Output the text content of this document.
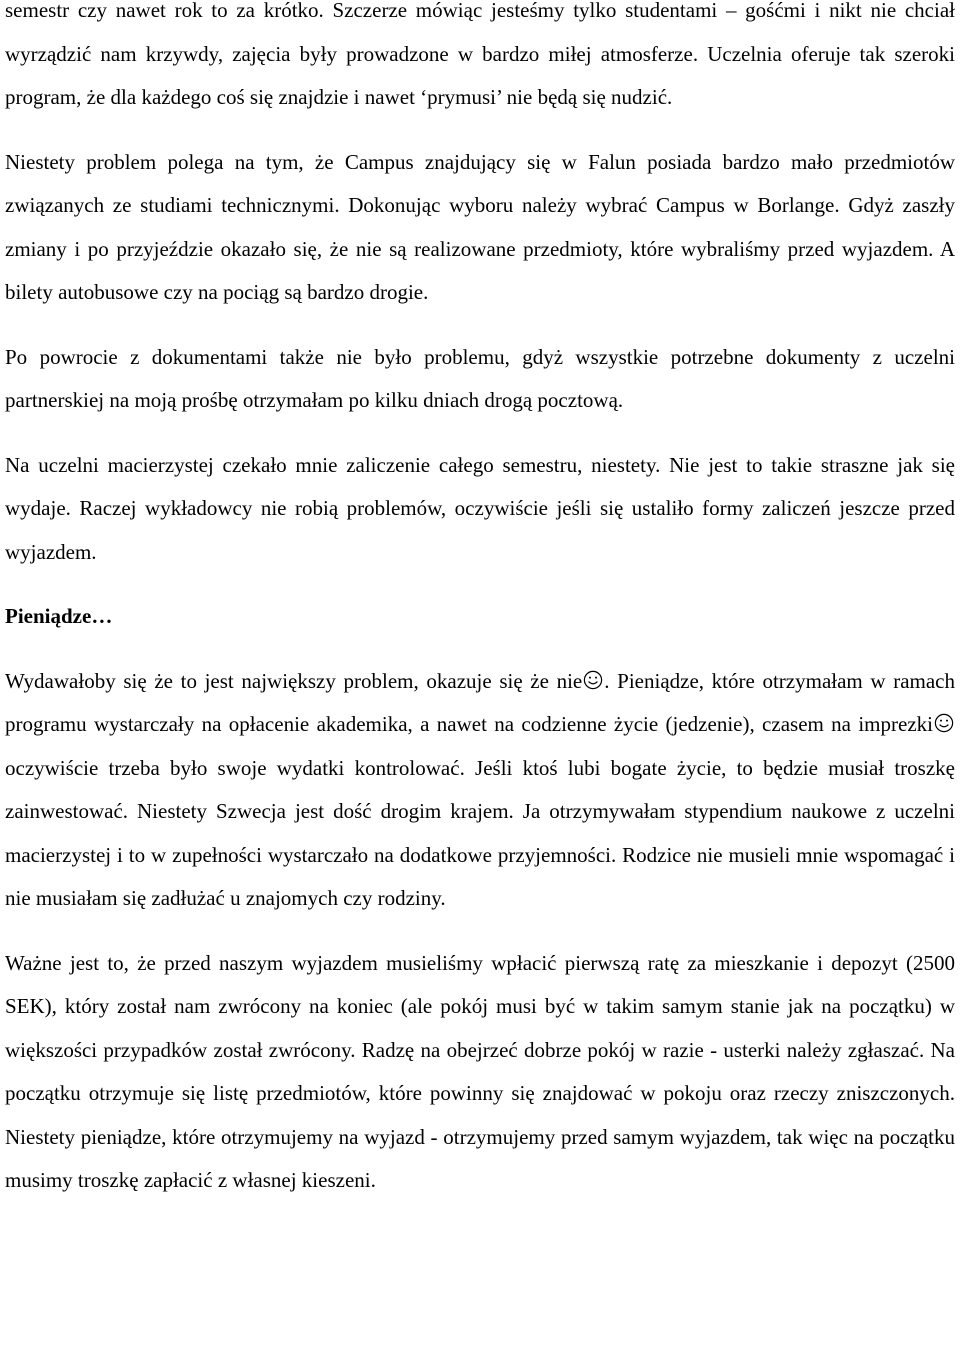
semestr czy nawet rok to za krótko. Szczerze mówiąc jesteśmy tylko studentami – gośćmi i nikt nie chciał wyrządzić nam krzywdy, zajęcia były prowadzone w bardzo miłej atmosferze. Uczelnia oferuje tak szeroki program, że dla każdego coś się znajdzie i nawet ‘prymusi’ nie będą się nudzić.

Niestety problem polega na tym, że Campus znajdujący się w Falun posiada bardzo mało przedmiotów związanych ze studiami technicznymi. Dokonując wyboru należy wybrać Campus w Borlange. Gdyż zaszły zmiany i po przyjeździe okazało się, że nie są realizowane przedmioty, które wybraliśmy przed wyjazdem. A bilety autobusowe czy na pociąg są bardzo drogie.

Po powrocie z dokumentami także nie było problemu, gdyż wszystkie potrzebne dokumenty z uczelni partnerskiej na moją prośbę otrzymałam po kilku dniach drogą pocztową.

Na uczelni macierzystej czekało mnie zaliczenie całego semestru, niestety. Nie jest to takie straszne jak się wydaje. Raczej wykładowcy nie robią problemów, oczywiście jeśli się ustaliło formy zaliczeń jeszcze przed wyjazdem.

Pieniądze…

Wydawałoby się że to jest największy problem, okazuje się że nie . Pieniądze, które otrzymałam w ramach programu wystarczały na opłacenie akademika, a nawet na codzienne życie (jedzenie), czasem na imprezki
oczywiście trzeba było swoje wydatki kontrolować. Jeśli ktoś lubi bogate życie, to będzie musiał troszkę zainwestować. Niestety Szwecja jest dość drogim krajem. Ja otrzymywałam stypendium naukowe z uczelni macierzystej i to w zupełności wystarczało na dodatkowe przyjemności. Rodzice nie musieli mnie wspomagać i nie musiałam się zadłużać u znajomych czy rodziny.

Ważne jest to, że przed naszym wyjazdem musieliśmy wpłacić pierwszą ratę za mieszkanie i depozyt (2500 SEK), który został nam zwrócony na koniec (ale pokój musi być w takim samym stanie jak na początku) w większości przypadków został zwrócony. Radzę na obejrzeć dobrze pokój w razie - usterki należy zgłaszać. Na początku otrzymuje się listę przedmiotów, które powinny się znajdować w pokoju oraz rzeczy zniszczonych. Niestety pieniądze, które otrzymujemy na wyjazd - otrzymujemy przed samym wyjazdem, tak więc na początku musimy troszkę zapłacić z własnej kieszeni.
